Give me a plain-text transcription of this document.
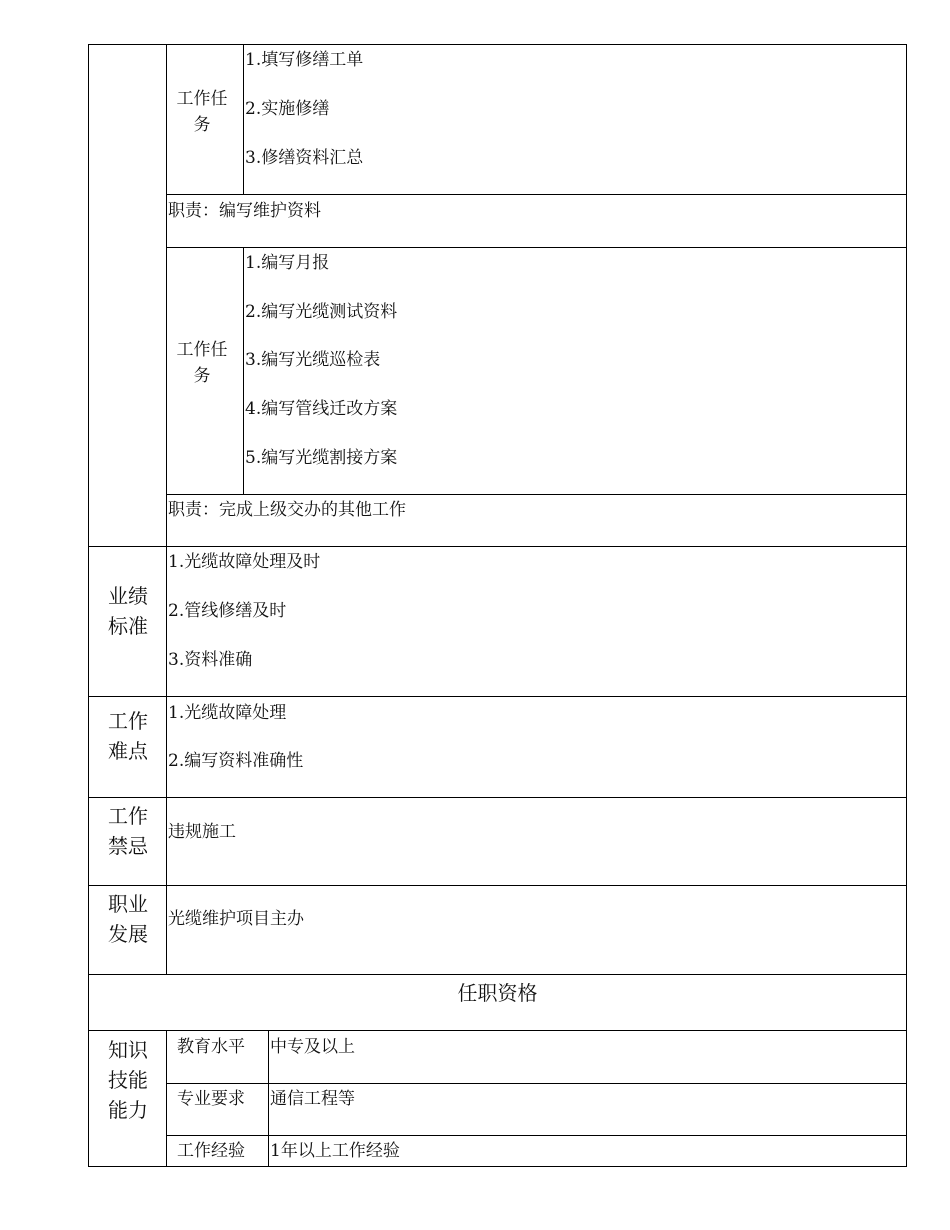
工作任务
1.填写修缮工单
2.实施修缮
3.修缮资料汇总
职责：编写维护资料
工作任务
1.编写月报
2.编写光缆测试资料
3.编写光缆巡检表
4.编写管线迁改方案
5.编写光缆割接方案
职责：完成上级交办的其他工作
业绩标准
1.光缆故障处理及时
2.管线修缮及时
3.资料准确
工作难点
1.光缆故障处理
2.编写资料准确性
工作禁忌
违规施工
职业发展
光缆维护项目主办
任职资格
知识技能能力
教育水平 中专及以上
专业要求 通信工程等
工作经验 1年以上工作经验
